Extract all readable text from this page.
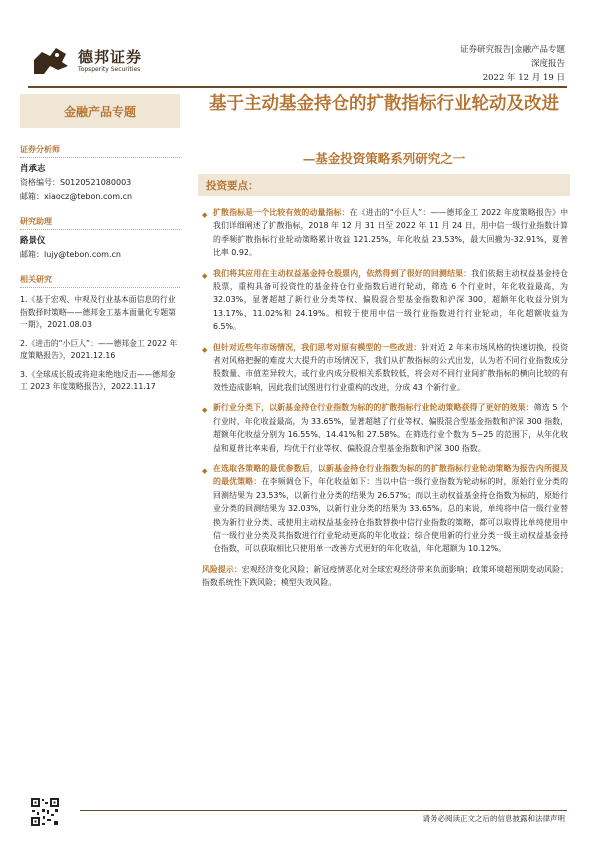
德邦证券
Topsperity Securities
证券研究报告|金融产品专题
深度报告
2022 年 12 月 19 日
金融产品专题
证券分析师
肖承志
资格编号：S0120521080003
邮箱：xiaocz@tebon.com.cn
研究助理
路景仪
邮箱：lujy@tebon.com.cn
相关研究
1.《基于宏观、中观及行业基本面信息的行业指数择时策略——德邦金工基本面量化专题第一期》，2021.08.03
2.《进击的“小巨人”：——德邦金工 2022 年度策略报告》，2021.12.16
3.《全球成长股或将迎来绝地反击——德邦金工 2023 年度策略报告》，2022.11.17
基于主动基金持仓的扩散指标行业轮动及改进
—基金投资策略系列研究之一
投资要点：
◆ 扩散指标是一个比较有效的动量指标：在《进击的“小巨人”：——德邦金工 2022 年度策略报告》中我们详细阐述了扩散指标，2018 年 12 月 31 日至 2022 年 11 月 24 日，用中信一级行业指数计算的季频扩散指标行业轮动策略累计收益 121.25%，年化收益 23.53%，最大回撤为-32.91%，夏普比率 0.92。
◆ 我们将其应用在主动权益基金持仓股票内，依然得到了很好的回测结果：我们依据主动权益基金持仓股票，重构具备可投资性的基金持仓行业指数后进行轮动，筛选 6 个行业时，年化收益最高，为 32.03%，显著超越了新行业分类等权、偏股混合型基金指数和沪深 300，超额年化收益分别为 13.17%、11.02%和 24.19%。相较于使用中信一级行业指数进行行业轮动，年化超额收益为 6.5%。
◆ 但针对近些年市场情况，我们思考对原有模型的一些改进：针对近 2 年来市场风格的快速切换，投资者对风格把握的难度大大提升的市场情况下，我们从扩散指标的公式出发，认为若不同行业指数成分股数量、市值差异较大，或行业内成分股相关系数较低，将会对不同行业间扩散指标的横向比较的有效性造成影响，因此我们试图进行行业重构的改进，分成 43 个新行业。
◆ 新行业分类下，以新基金持仓行业指数为标的的扩散指标行业轮动策略获得了更好的效果：筛选 5 个行业时，年化收益最高，为 33.65%，显著超越了行业等权、偏股混合型基金指数和沪深 300 指数，超额年化收益分别为 16.55%、14.41%和 27.58%。在筛选行业个数为 5~25 的范围下，从年化收益和夏普比率来看，均优于行业等权、偏股混合型基金指数和沪深 300 指数。
◆ 在选取各策略的最优参数后，以新基金持仓行业指数为标的的扩散指标行业轮动策略为报告内所提及的最优策略：在李频调仓下，年化收益如下：当以中信一级行业指数为轮动标的时，原始行业分类的回测结果为 23.53%，以新行业分类的结果为 26.57%；而以主动权益基金持仓指数为标的，原始行业分类的回测结果为 32.03%，以新行业分类的结果为 33.65%。总的来说，单纯将中信一级行业替换为新行业分类、或使用主动权益基金持仓指数替换中信行业指数的策略，都可以取得比单纯使用中信一级行业分类及其指数进行行业轮动更高的年化收益；综合使用新的行业分类一级主动权益基金持仓指数，可以获取相比只使用单一改善方式更好的年化收益，年化超额为 10.12%。
风险提示：宏观经济变化风险；新冠疫情恶化对全球宏观经济带来负面影响；政策环境超预期变动风险；指数系统性下跌风险；模型失效风险。
请务必阅读正文之后的信息披露和法律声明
